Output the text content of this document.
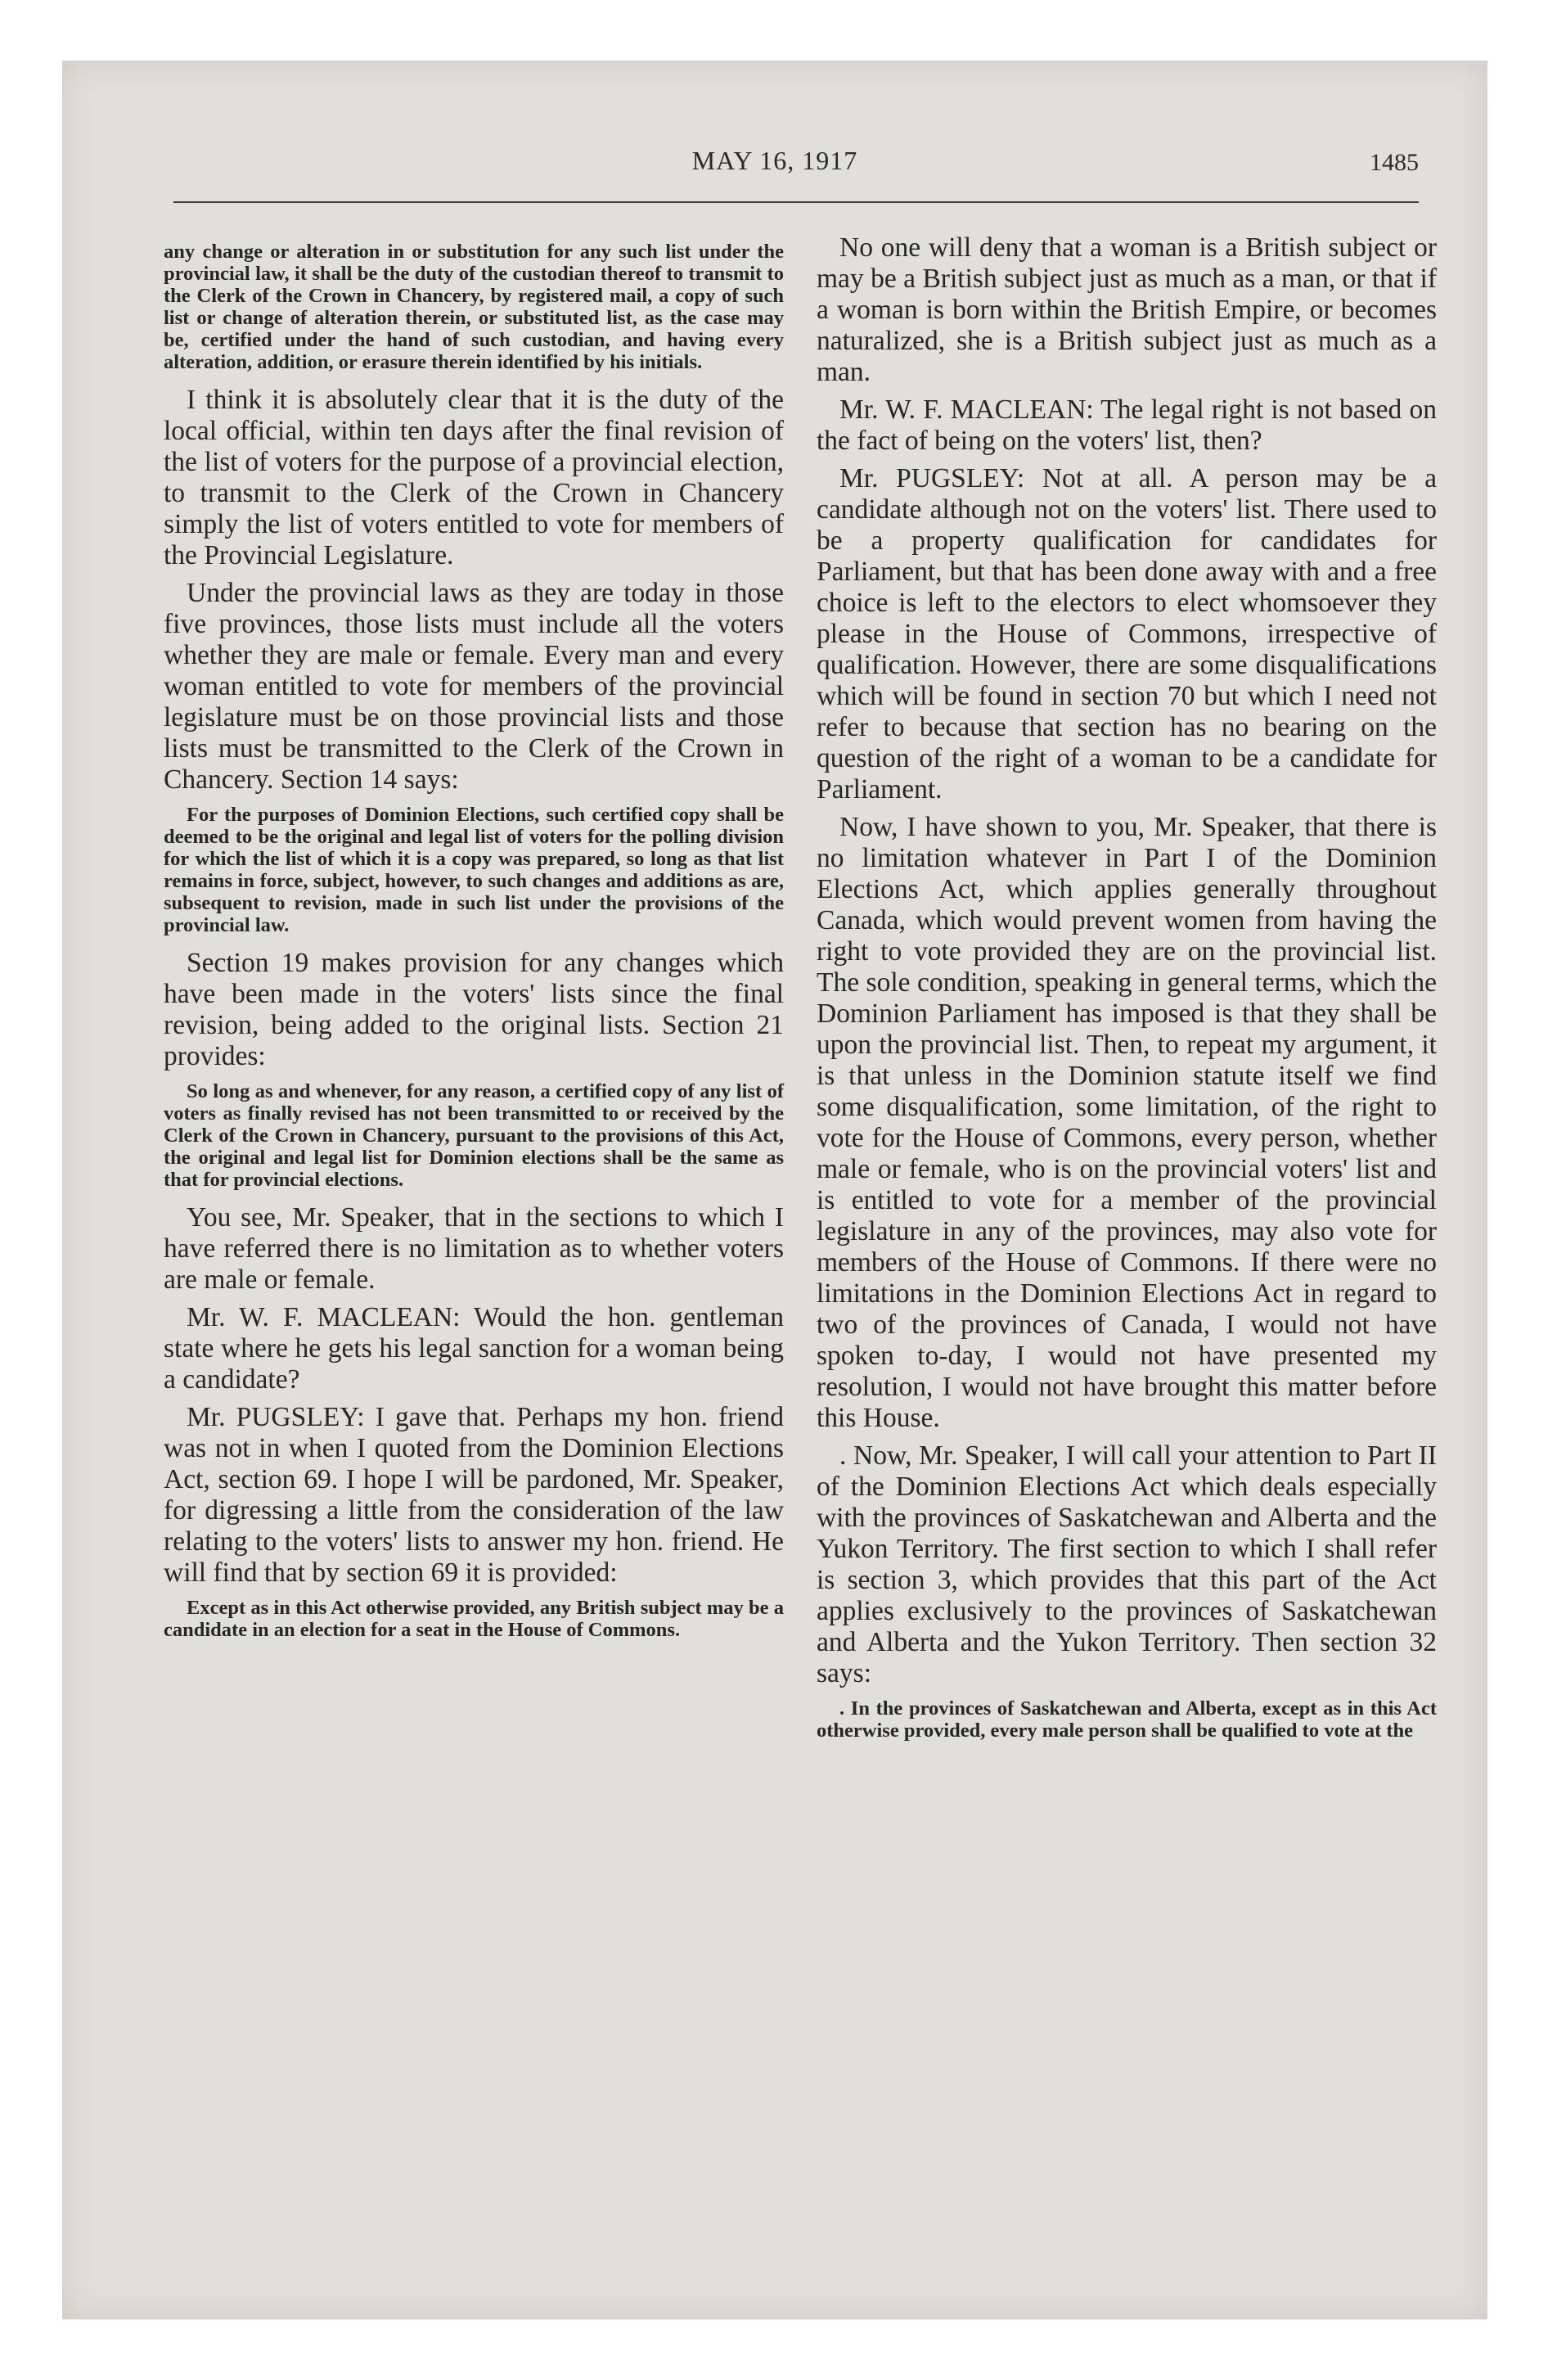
MAY 16, 1917	1485
any change or alteration in or substitution for any such list under the provincial law, it shall be the duty of the custodian thereof to transmit to the Clerk of the Crown in Chancery, by registered mail, a copy of such list or change of alteration therein, or substituted list, as the case may be, certified under the hand of such custodian, and having every alteration, addition, or erasure therein identified by his initials.

I think it is absolutely clear that it is the duty of the local official, within ten days after the final revision of the list of voters for the purpose of a provincial election, to transmit to the Clerk of the Crown in Chancery simply the list of voters entitled to vote for members of the Provincial Legislature.

Under the provincial laws as they are today in those five provinces, those lists must include all the voters whether they are male or female. Every man and every woman entitled to vote for members of the provincial legislature must be on those provincial lists and those lists must be transmitted to the Clerk of the Crown in Chancery. Section 14 says:

For the purposes of Dominion Elections, such certified copy shall be deemed to be the original and legal list of voters for the polling division for which the list of which it is a copy was prepared, so long as that list remains in force, subject, however, to such changes and additions as are, subsequent to revision, made in such list under the provisions of the provincial law.

Section 19 makes provision for any changes which have been made in the voters' lists since the final revision, being added to the original lists. Section 21 provides:

So long as and whenever, for any reason, a certified copy of any list of voters as finally revised has not been transmitted to or received by the Clerk of the Crown in Chancery, pursuant to the provisions of this Act, the original and legal list for Dominion elections shall be the same as that for provincial elections.

You see, Mr. Speaker, that in the sections to which I have referred there is no limitation as to whether voters are male or female.

Mr. W. F. MACLEAN: Would the hon. gentleman state where he gets his legal sanction for a woman being a candidate?

Mr. PUGSLEY: I gave that. Perhaps my hon. friend was not in when I quoted from the Dominion Elections Act, section 69. I hope I will be pardoned, Mr. Speaker, for digressing a little from the consideration of the law relating to the voters' lists to answer my hon. friend. He will find that by section 69 it is provided:

Except as in this Act otherwise provided, any British subject may be a candidate in an election for a seat in the House of Commons.

No one will deny that a woman is a British subject or may be a British subject just as much as a man, or that if a woman is born within the British Empire, or becomes naturalized, she is a British subject just as much as a man.

Mr. W. F. MACLEAN: The legal right is not based on the fact of being on the voters' list, then?

Mr. PUGSLEY: Not at all. A person may be a candidate although not on the voters' list. There used to be a property qualification for candidates for Parliament, but that has been done away with and a free choice is left to the electors to elect whomsoever they please in the House of Commons, irrespective of qualification. However, there are some disqualifications which will be found in section 70 but which I need not refer to because that section has no bearing on the question of the right of a woman to be a candidate for Parliament.

Now, I have shown to you, Mr. Speaker, that there is no limitation whatever in Part I of the Dominion Elections Act, which applies generally throughout Canada, which would prevent women from having the right to vote provided they are on the provincial list. The sole condition, speaking in general terms, which the Dominion Parliament has imposed is that they shall be upon the provincial list. Then, to repeat my argument, it is that unless in the Dominion statute itself we find some disqualification, some limitation, of the right to vote for the House of Commons, every person, whether male or female, who is on the provincial voters' list and is entitled to vote for a member of the provincial legislature in any of the provinces, may also vote for members of the House of Commons. If there were no limitations in the Dominion Elections Act in regard to two of the provinces of Canada, I would not have spoken to-day, I would not have presented my resolution, I would not have brought this matter before this House.

. Now, Mr. Speaker, I will call your attention to Part II of the Dominion Elections Act which deals especially with the provinces of Saskatchewan and Alberta and the Yukon Territory. The first section to which I shall refer is section 3, which provides that this part of the Act applies exclusively to the provinces of Saskatchewan and Alberta and the Yukon Territory. Then section 32 says:

. In the provinces of Saskatchewan and Alberta, except as in this Act otherwise provided, every male person shall be qualified to vote at the
